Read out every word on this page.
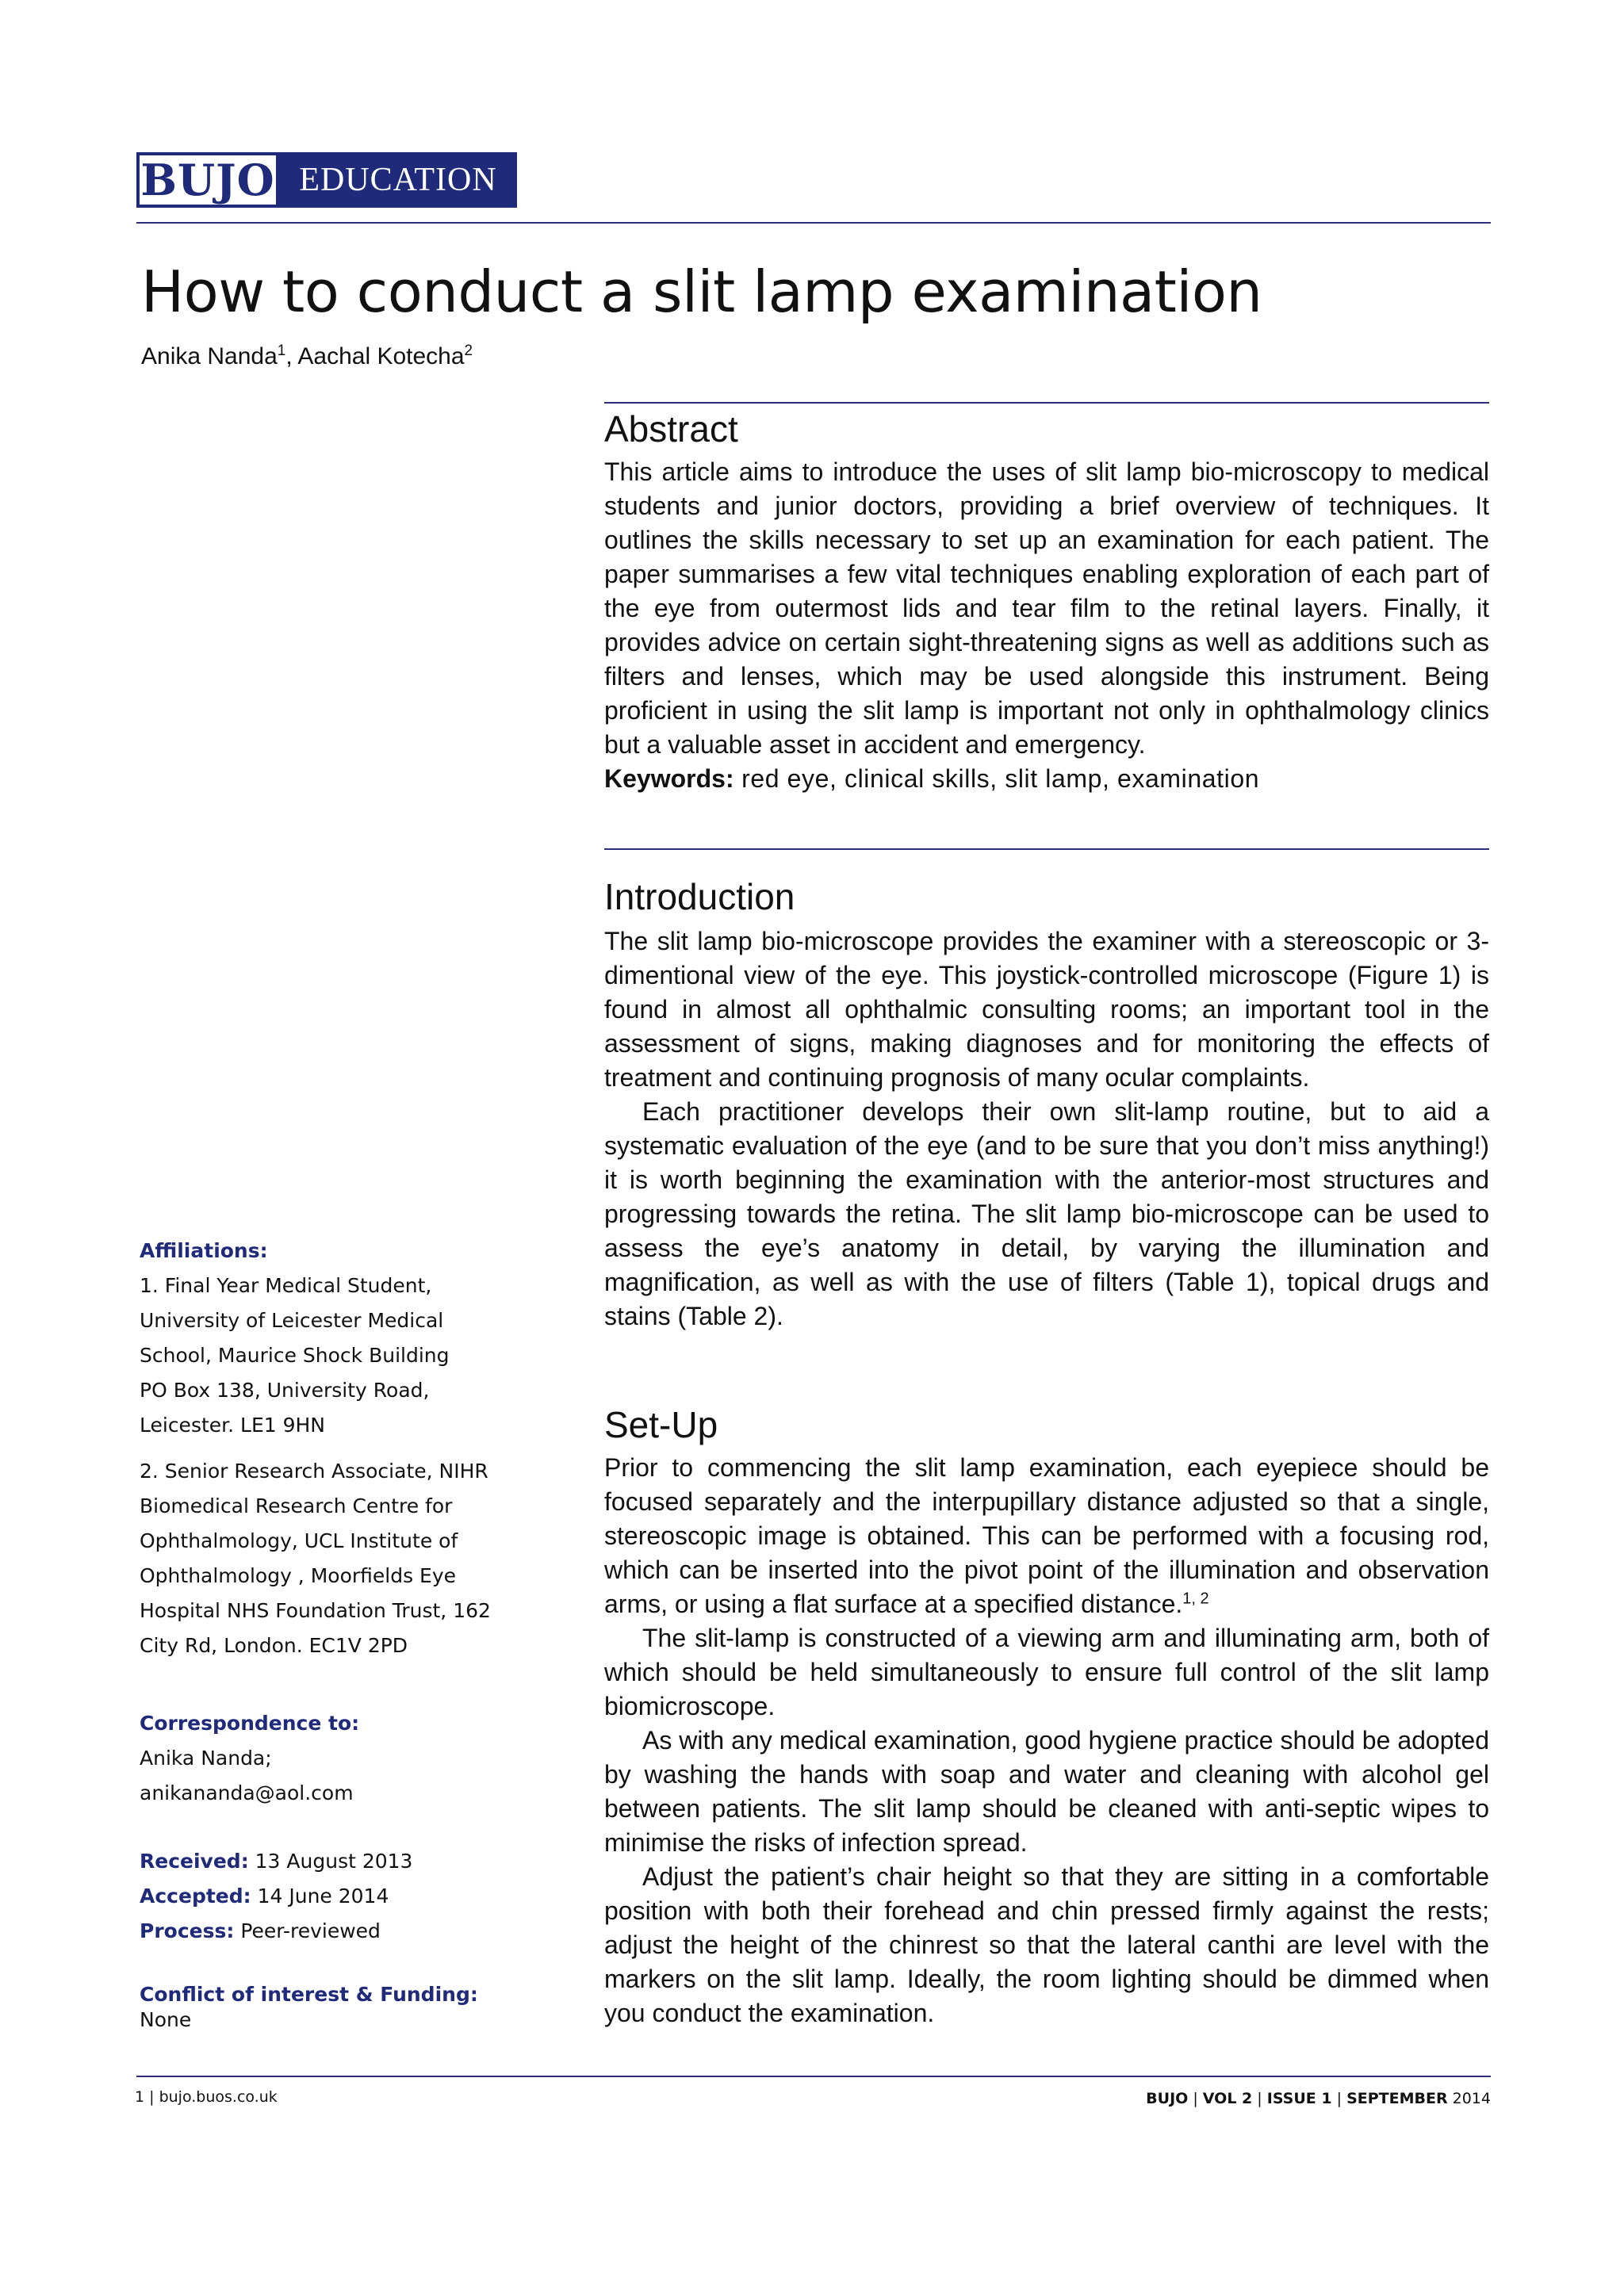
BUJO EDUCATION
How to conduct a slit lamp examination
Anika Nanda$^1$, Aachal Kotecha$^2$
Abstract

This article aims to introduce the uses of slit lamp bio-microscopy to medical students and junior doctors, providing a brief overview of techniques. It outlines the skills necessary to set up an examination for each patient. The paper summarises a few vital techniques enabling exploration of each part of the eye from outermost lids and tear film to the retinal layers. Finally, it provides advice on certain sight-threatening signs as well as additions such as filters and lenses, which may be used alongside this instrument. Being proficient in using the slit lamp is important not only in ophthalmology clinics but a valuable asset in accident and emergency.

Keywords: red eye, clinical skills, slit lamp, examination

Introduction

The slit lamp bio-microscope provides the examiner with a stereoscopic or 3-dimentional view of the eye. This joystick-controlled microscope (Figure 1) is found in almost all ophthalmic consulting rooms; an important tool in the assessment of signs, making diagnoses and for monitoring the effects of treatment and continuing prognosis of many ocular complaints.

Each practitioner develops their own slit-lamp routine, but to aid a systematic evaluation of the eye (and to be sure that you don’t miss anything!) it is worth beginning the examination with the anterior-most structures and progressing towards the retina. The slit lamp bio-microscope can be used to assess the eye’s anatomy in detail, by varying the illumination and magnification, as well as with the use of filters (Table 1), topical drugs and stains (Table 2).

Set-Up

Prior to commencing the slit lamp examination, each eyepiece should be focused separately and the interpupillary distance adjusted so that a single, stereoscopic image is obtained. This can be performed with a focusing rod, which can be inserted into the pivot point of the illumination and observation arms, or using a flat surface at a specified distance.$^{1, 2}$

The slit-lamp is constructed of a viewing arm and illuminating arm, both of which should be held simultaneously to ensure full control of the slit lamp biomicroscope.

As with any medical examination, good hygiene practice should be adopted by washing the hands with soap and water and cleaning with alcohol gel between patients. The slit lamp should be cleaned with anti-septic wipes to minimise the risks of infection spread.

Adjust the patient’s chair height so that they are sitting in a comfortable position with both their forehead and chin pressed firmly against the rests; adjust the height of the chinrest so that the lateral canthi are level with the markers on the slit lamp. Ideally, the room lighting should be dimmed when you conduct the examination.

Affiliations:

1. Final Year Medical Student,

University of Leicester Medical

School, Maurice Shock Building

PO Box 138, University Road,

Leicester. LE1 9HN

2. Senior Research Associate, NIHR

Biomedical Research Centre for

Ophthalmology, UCL Institute of

Ophthalmology , Moorfields Eye

Hospital NHS Foundation Trust, 162

City Rd, London. EC1V 2PD

Correspondence to:

Anika Nanda;

anikananda@aol.com

Received: 13 August 2013

Accepted: 14 June 2014

Process: Peer-reviewed

Conflict of interest & Funding:

None

1 | bujo.buos.co.uk	BUJO | VOL 2 | ISSUE 1 | SEPTEMBER 2014
